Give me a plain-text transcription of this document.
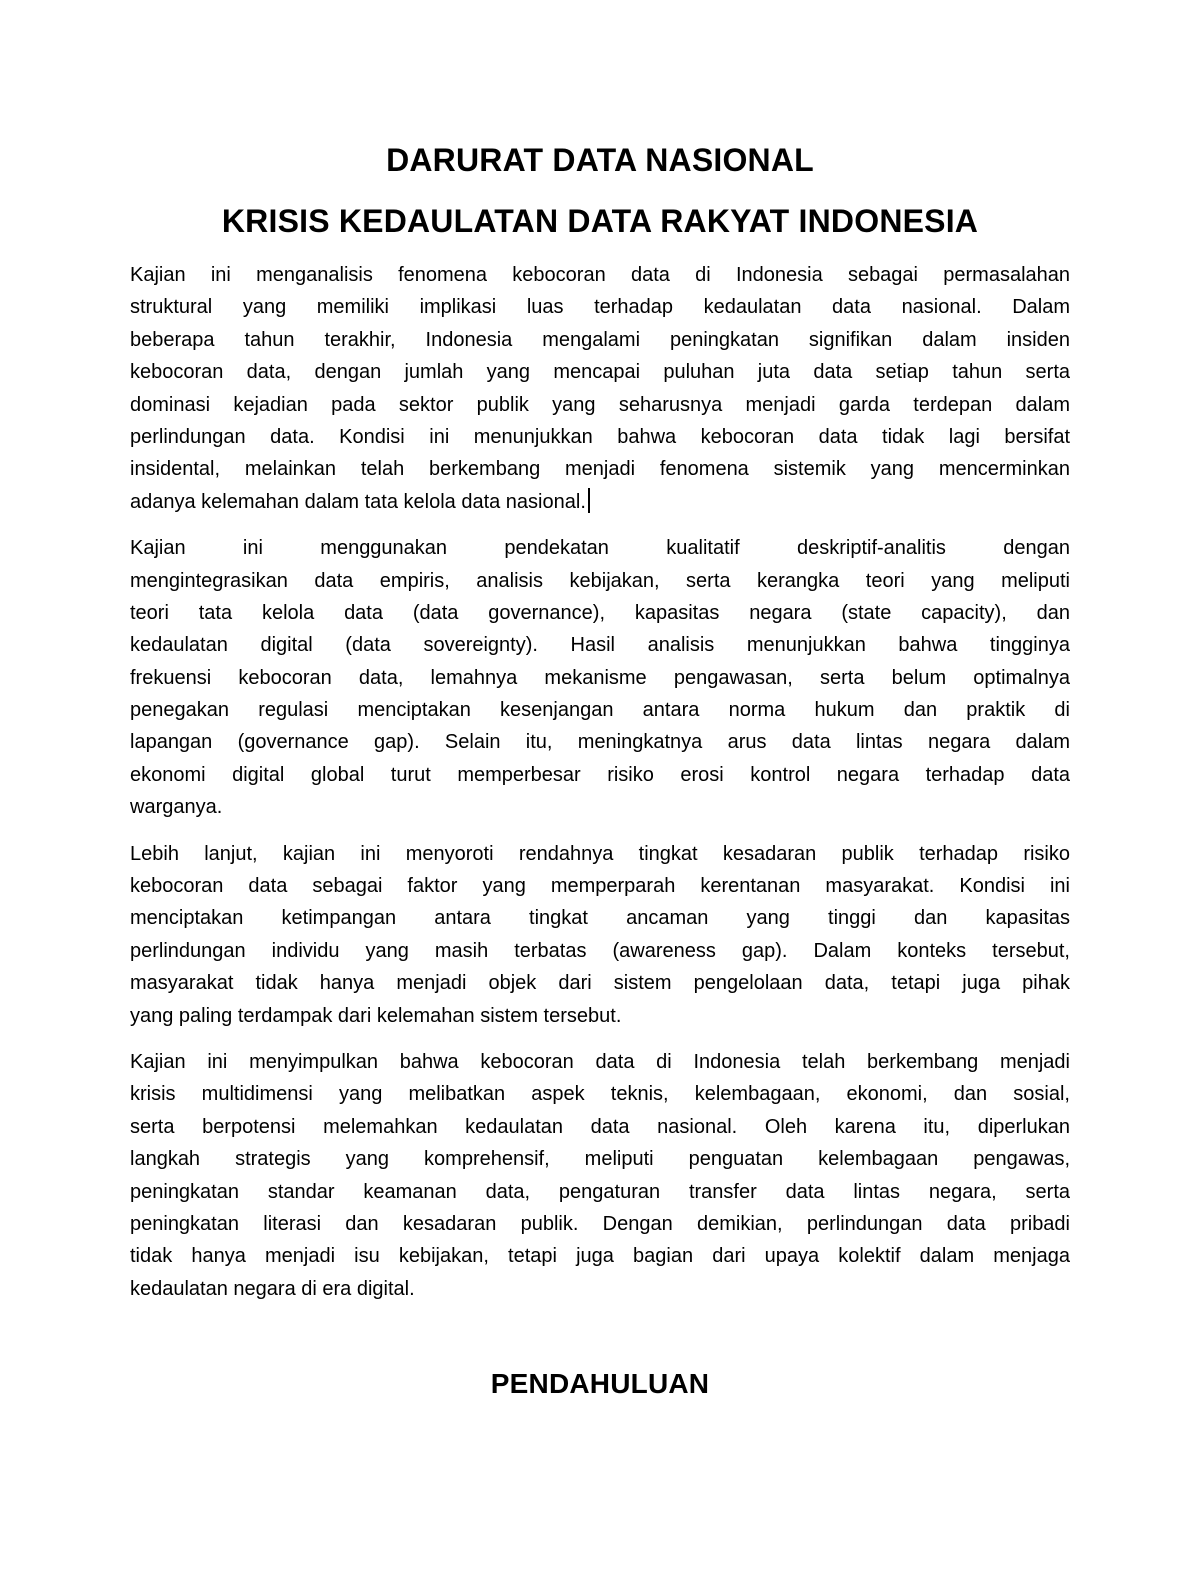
DARURAT DATA NASIONAL
KRISIS KEDAULATAN DATA RAKYAT INDONESIA
Kajian ini menganalisis fenomena kebocoran data di Indonesia sebagai permasalahan
struktural yang memiliki implikasi luas terhadap kedaulatan data nasional. Dalam
beberapa tahun terakhir, Indonesia mengalami peningkatan signifikan dalam insiden
kebocoran data, dengan jumlah yang mencapai puluhan juta data setiap tahun serta
dominasi kejadian pada sektor publik yang seharusnya menjadi garda terdepan dalam
perlindungan data. Kondisi ini menunjukkan bahwa kebocoran data tidak lagi bersifat
insidental, melainkan telah berkembang menjadi fenomena sistemik yang mencerminkan
adanya kelemahan dalam tata kelola data nasional.
Kajian ini menggunakan pendekatan kualitatif deskriptif-analitis dengan
mengintegrasikan data empiris, analisis kebijakan, serta kerangka teori yang meliputi
teori tata kelola data (data governance), kapasitas negara (state capacity), dan
kedaulatan digital (data sovereignty). Hasil analisis menunjukkan bahwa tingginya
frekuensi kebocoran data, lemahnya mekanisme pengawasan, serta belum optimalnya
penegakan regulasi menciptakan kesenjangan antara norma hukum dan praktik di
lapangan (governance gap). Selain itu, meningkatnya arus data lintas negara dalam
ekonomi digital global turut memperbesar risiko erosi kontrol negara terhadap data
warganya.
Lebih lanjut, kajian ini menyoroti rendahnya tingkat kesadaran publik terhadap risiko
kebocoran data sebagai faktor yang memperparah kerentanan masyarakat. Kondisi ini
menciptakan ketimpangan antara tingkat ancaman yang tinggi dan kapasitas
perlindungan individu yang masih terbatas (awareness gap). Dalam konteks tersebut,
masyarakat tidak hanya menjadi objek dari sistem pengelolaan data, tetapi juga pihak
yang paling terdampak dari kelemahan sistem tersebut.
Kajian ini menyimpulkan bahwa kebocoran data di Indonesia telah berkembang menjadi
krisis multidimensi yang melibatkan aspek teknis, kelembagaan, ekonomi, dan sosial,
serta berpotensi melemahkan kedaulatan data nasional. Oleh karena itu, diperlukan
langkah strategis yang komprehensif, meliputi penguatan kelembagaan pengawas,
peningkatan standar keamanan data, pengaturan transfer data lintas negara, serta
peningkatan literasi dan kesadaran publik. Dengan demikian, perlindungan data pribadi
tidak hanya menjadi isu kebijakan, tetapi juga bagian dari upaya kolektif dalam menjaga
kedaulatan negara di era digital.
PENDAHULUAN
